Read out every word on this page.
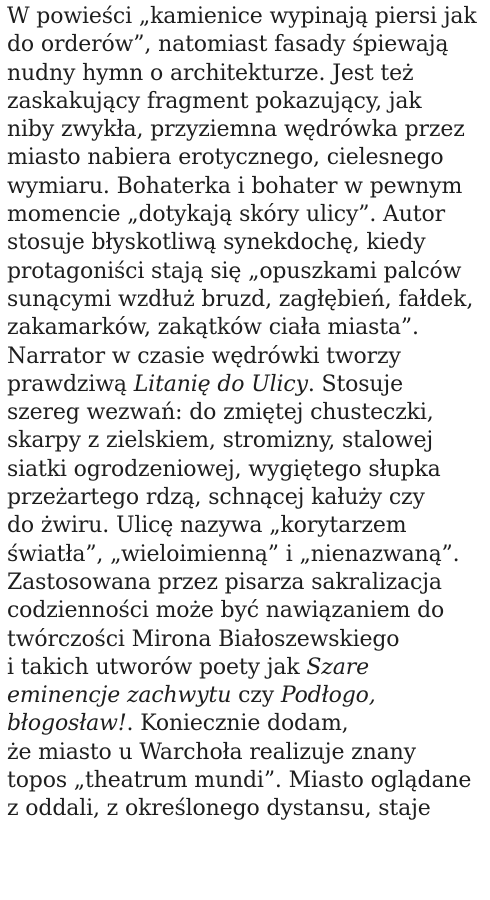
W powieści „kamienice wypinają piersi jak
do orderów”, natomiast fasady śpiewają
nudny hymn o architekturze. Jest też
zaskakujący fragment pokazujący, jak
niby zwykła, przyziemna wędrówka przez
miasto nabiera erotycznego, cielesnego
wymiaru. Bohaterka i bohater w pewnym
momencie „dotykają skóry ulicy”. Autor
stosuje błyskotliwą synekdochę, kiedy
protagoniści stają się „opuszkami palców
sunącymi wzdłuż bruzd, zagłębień, fałdek,
zakamarków, zakątków ciała miasta”.
Narrator w czasie wędrówki tworzy
prawdziwą Litanię do Ulicy. Stosuje
szereg wezwań: do zmiętej chusteczki,
skarpy z zielskiem, stromizny, stalowej
siatki ogrodzeniowej, wygiętego słupka
przeżartego rdzą, schnącej kałuży czy
do żwiru. Ulicę nazywa „korytarzem
światła”, „wieloimienną” i „nienazwaną”.
Zastosowana przez pisarza sakralizacja
codzienności może być nawiązaniem do
twórczości Mirona Białoszewskiego
i takich utworów poety jak Szare
eminencje zachwytu czy Podłogo,
błogosław!. Koniecznie dodam,
że miasto u Warchoła realizuje znany
topos „theatrum mundi”. Miasto oglądane
z oddali, z określonego dystansu, staje
